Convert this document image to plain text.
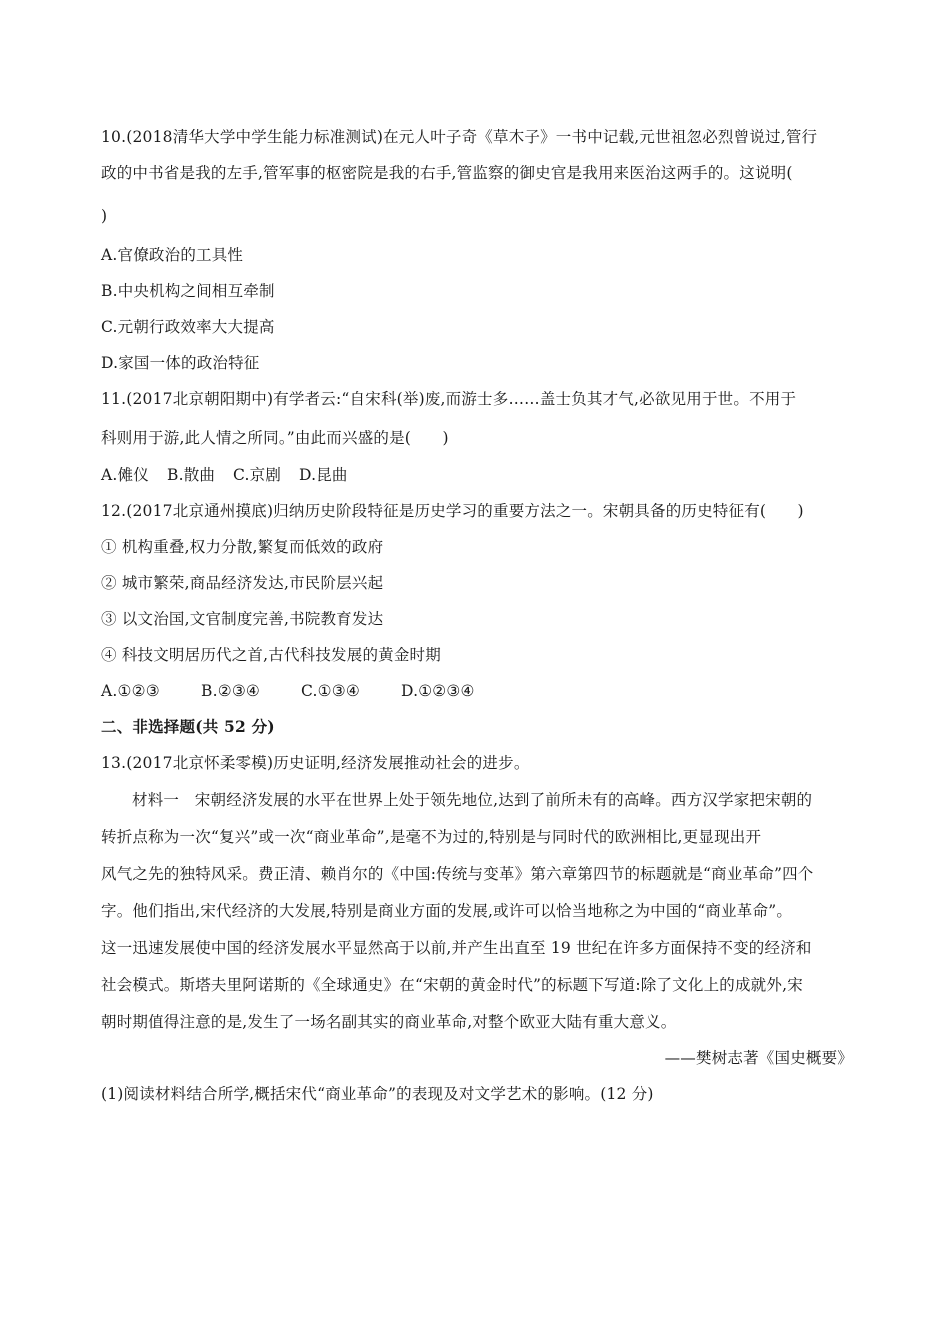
10.(2018清华大学中学生能力标准测试)在元人叶子奇《草木子》一书中记载,元世祖忽必烈曾说过,管行
政的中书省是我的左手,管军事的枢密院是我的右手,管监察的御史官是我用来医治这两手的。这说明(
)
A.官僚政治的工具性
B.中央机构之间相互牵制
C.元朝行政效率大大提高
D.家国一体的政治特征
11.(2017北京朝阳期中)有学者云:“自宋科(举)废,而游士多……盖士负其才气,必欲见用于世。不用于
科则用于游,此人情之所同。”由此而兴盛的是(　　)
A.傩仪 B.散曲 C.京剧 D.昆曲
12.(2017北京通州摸底)归纳历史阶段特征是历史学习的重要方法之一。宋朝具备的历史特征有(　　)
① 机构重叠,权力分散,繁复而低效的政府
② 城市繁荣,商品经济发达,市民阶层兴起
③ 以文治国,文官制度完善,书院教育发达
④ 科技文明居历代之首,古代科技发展的黄金时期
A.①②③	B.②③④	C.①③④	D.①②③④
二、非选择题(共 52 分)
13.(2017北京怀柔零模)历史证明,经济发展推动社会的进步。
材料一　宋朝经济发展的水平在世界上处于领先地位,达到了前所未有的高峰。西方汉学家把宋朝的
转折点称为一次“复兴”或一次“商业革命”,是毫不为过的,特别是与同时代的欧洲相比,更显现出开
风气之先的独特风采。费正清、赖肖尔的《中国:传统与变革》第六章第四节的标题就是“商业革命”四个
字。他们指出,宋代经济的大发展,特别是商业方面的发展,或许可以恰当地称之为中国的“商业革命”。
这一迅速发展使中国的经济发展水平显然高于以前,并产生出直至 19 世纪在许多方面保持不变的经济和
社会模式。斯塔夫里阿诺斯的《全球通史》在“宋朝的黄金时代”的标题下写道:除了文化上的成就外,宋
朝时期值得注意的是,发生了一场名副其实的商业革命,对整个欧亚大陆有重大意义。
——樊树志著《国史概要》
(1)阅读材料结合所学,概括宋代“商业革命”的表现及对文学艺术的影响。(12 分)
